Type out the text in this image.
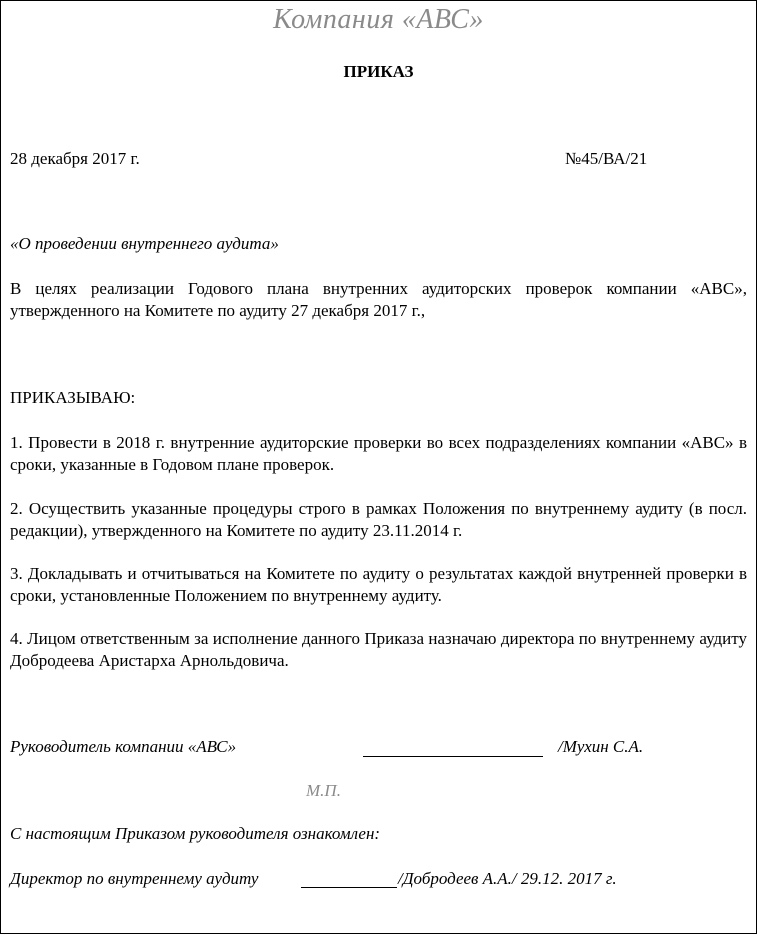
Компания «АВС»
ПРИКАЗ
28 декабря 2017 г.	№45/ВА/21
«О проведении внутреннего аудита»
В целях реализации Годового плана внутренних аудиторских проверок компании «АВС», утвержденного на Комитете по аудиту 27 декабря 2017 г.,
ПРИКАЗЫВАЮ:
1. Провести в 2018 г. внутренние аудиторские проверки во всех подразделениях компании «АВС» в сроки, указанные в Годовом плане проверок.
2. Осуществить указанные процедуры строго в рамках Положения по внутреннему аудиту (в посл. редакции), утвержденного на Комитете по аудиту 23.11.2014 г.
3. Докладывать и отчитываться на Комитете по аудиту о результатах каждой внутренней проверки в сроки, установленные Положением по внутреннему аудиту.
4. Лицом ответственным за исполнение данного Приказа назначаю директора по внутреннему аудиту Добродеева Аристарха Арнольдовича.
Руководитель компании «АВС»	/Мухин С.А.
М.П.
С настоящим Приказом руководителя ознакомлен:
Директор по внутреннему аудиту	/Добродеев А.А./ 29.12. 2017 г.
